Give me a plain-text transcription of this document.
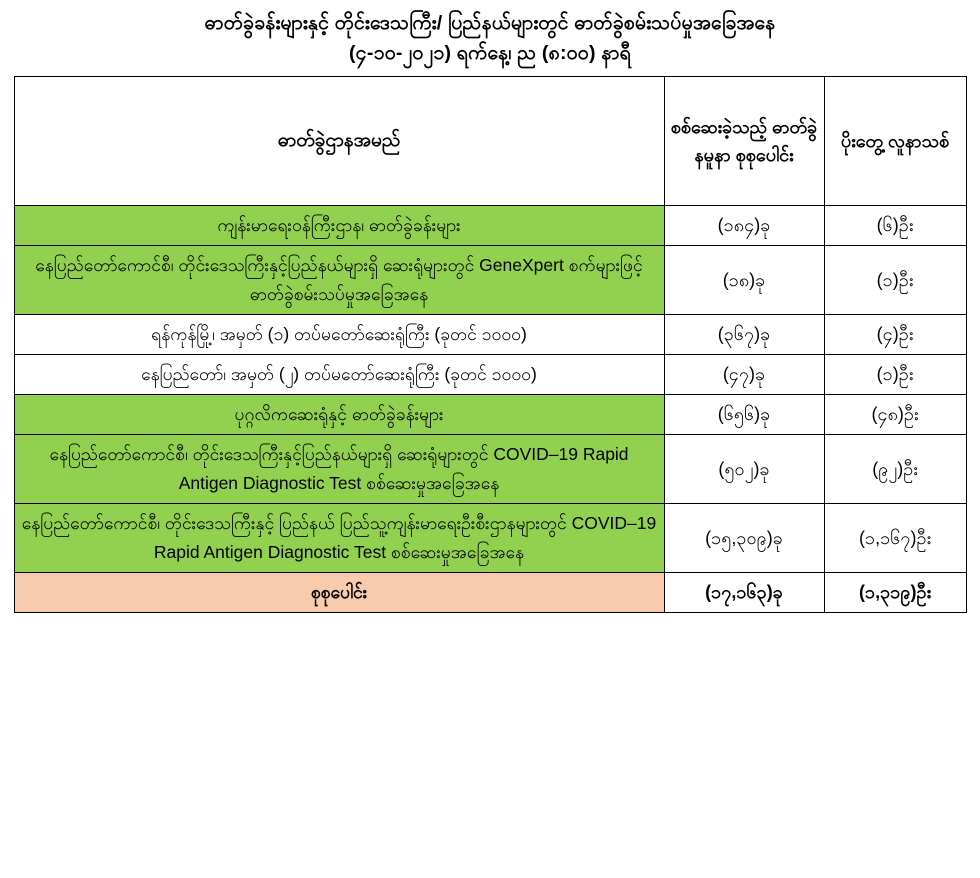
ဓာတ်ခွဲခန်းများနှင့် တိုင်းဒေသကြီး/ ပြည်နယ်များတွင် ဓာတ်ခွဲစမ်းသပ်မှုအခြေအနေ
(၄-၁၀-၂၀၂၁) ရက်နေ့၊ ည (၈:၀၀) နာရီ
ဓာတ်ခွဲဌာနအမည်	စစ်ဆေးခဲ့သည့် ဓာတ်ခွဲနမူနာ စုစုပေါင်း	ပိုးတွေ့ လူနာသစ်
ကျန်းမာရေးဝန်ကြီးဌာန၊ ဓာတ်ခွဲခန်းများ	(၁၈၄)ခု	(၆)ဦး
နေပြည်တော်ကောင်စီ၊ တိုင်းဒေသကြီးနှင့်ပြည်နယ်များရှိ ဆေးရုံများတွင် GeneXpert စက်များဖြင့် ဓာတ်ခွဲစမ်းသပ်မှုအခြေအနေ	(၁၈)ခု	(၁)ဦး
ရန်ကုန်မြို့၊ အမှတ် (၁) တပ်မတော်ဆေးရုံကြီး (ခုတင် ၁၀၀၀)	(၃၆၇)ခု	(၄)ဦး
နေပြည်တော်၊ အမှတ် (၂) တပ်မတော်ဆေးရုံကြီး (ခုတင် ၁၀၀၀)	(၄၇)ခု	(၁)ဦး
ပုဂ္ဂလိကဆေးရုံနှင့် ဓာတ်ခွဲခန်းများ	(၆၅၆)ခု	(၄၈)ဦး
နေပြည်တော်ကောင်စီ၊ တိုင်းဒေသကြီးနှင့်ပြည်နယ်များရှိ ဆေးရုံများတွင် COVID–19 Rapid Antigen Diagnostic Test စစ်ဆေးမှုအခြေအနေ	(၅၀၂)ခု	(၉၂)ဦး
နေပြည်တော်ကောင်စီ၊ တိုင်းဒေသကြီးနှင့် ပြည်နယ် ပြည်သူ့ကျန်းမာရေးဦးစီးဌာနများတွင် COVID–19 Rapid Antigen Diagnostic Test စစ်ဆေးမှုအခြေအနေ	(၁၅,၃၀၉)ခု	(၁,၁၆၇)ဦး
စုစုပေါင်း	(၁၇,၁၆၃)ခု	(၁,၃၁၉)ဦး
